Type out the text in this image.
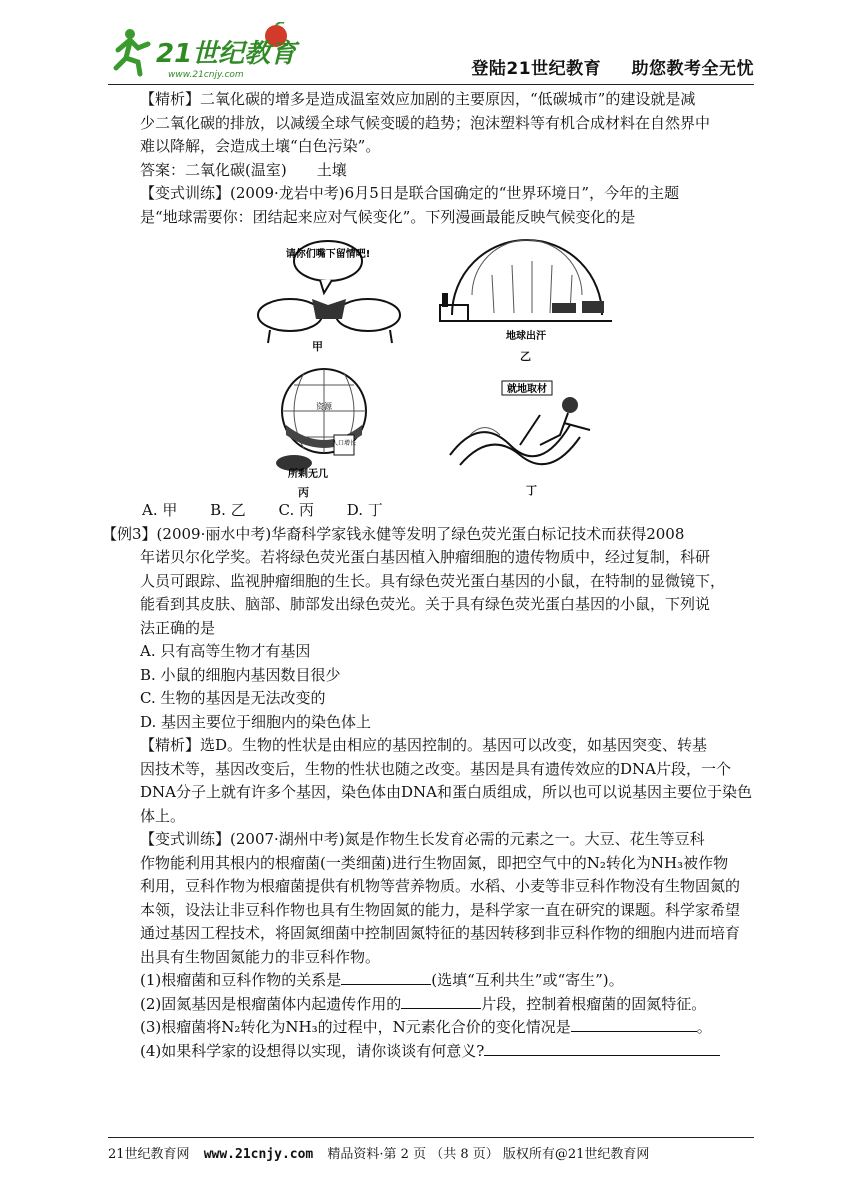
21世纪教育
www.21cnjy.com	登陆21世纪教育 助您教考全无忧

【精析】二氧化碳的增多是造成温室效应加剧的主要原因，“低碳城市”的建设就是减

少二氧化碳的排放，以减缓全球气候变暖的趋势；泡沫塑料等有机合成材料在自然界中

难以降解，会造成土壤“白色污染”。

答案：二氧化碳(温室)　　土壤

【变式训练】(2009·龙岩中考)6月5日是联合国确定的“世界环境日”，今年的主题

是“地球需要你：团结起来应对气候变化”。下列漫画最能反映气候变化的是

请你们嘴下留情吧!
甲
地球出汗
乙
资源
人口增长
所剩无几
丙
就地取材
丁

A. 甲 B. 乙 C. 丙 D. 丁

【例3】(2009·丽水中考)华裔科学家钱永健等发明了绿色荧光蛋白标记技术而获得2008

年诺贝尔化学奖。若将绿色荧光蛋白基因植入肿瘤细胞的遗传物质中，经过复制，科研

人员可跟踪、监视肿瘤细胞的生长。具有绿色荧光蛋白基因的小鼠，在特制的显微镜下，

能看到其皮肤、脑部、肺部发出绿色荧光。关于具有绿色荧光蛋白基因的小鼠，下列说

法正确的是

A. 只有高等生物才有基因

B. 小鼠的细胞内基因数目很少

C. 生物的基因是无法改变的

D. 基因主要位于细胞内的染色体上

【精析】选D。生物的性状是由相应的基因控制的。基因可以改变，如基因突变、转基

因技术等，基因改变后，生物的性状也随之改变。基因是具有遗传效应的DNA片段，一个

DNA分子上就有许多个基因，染色体由DNA和蛋白质组成，所以也可以说基因主要位于染色

体上。

【变式训练】(2007·湖州中考)氮是作物生长发育必需的元素之一。大豆、花生等豆科

作物能利用其根内的根瘤菌(一类细菌)进行生物固氮，即把空气中的N₂转化为NH₃被作物

利用，豆科作物为根瘤菌提供有机物等营养物质。水稻、小麦等非豆科作物没有生物固氮的

本领，设法让非豆科作物也具有生物固氮的能力，是科学家一直在研究的课题。科学家希望

通过基因工程技术，将固氮细菌中控制固氮特征的基因转移到非豆科作物的细胞内进而培育

出具有生物固氮能力的非豆科作物。

(1)根瘤菌和豆科作物的关系是	(选填“互利共生”或“寄生”)。

(2)固氮基因是根瘤菌体内起遗传作用的	片段，控制着根瘤菌的固氮特征。

(3)根瘤菌将N₂转化为NH₃的过程中，N元素化合价的变化情况是	。

(4)如果科学家的设想得以实现，请你谈谈有何意义?

21世纪教育网 www.21cnjy.com 精品资料·第 2 页 （共 8 页） 版权所有@21世纪教育网
